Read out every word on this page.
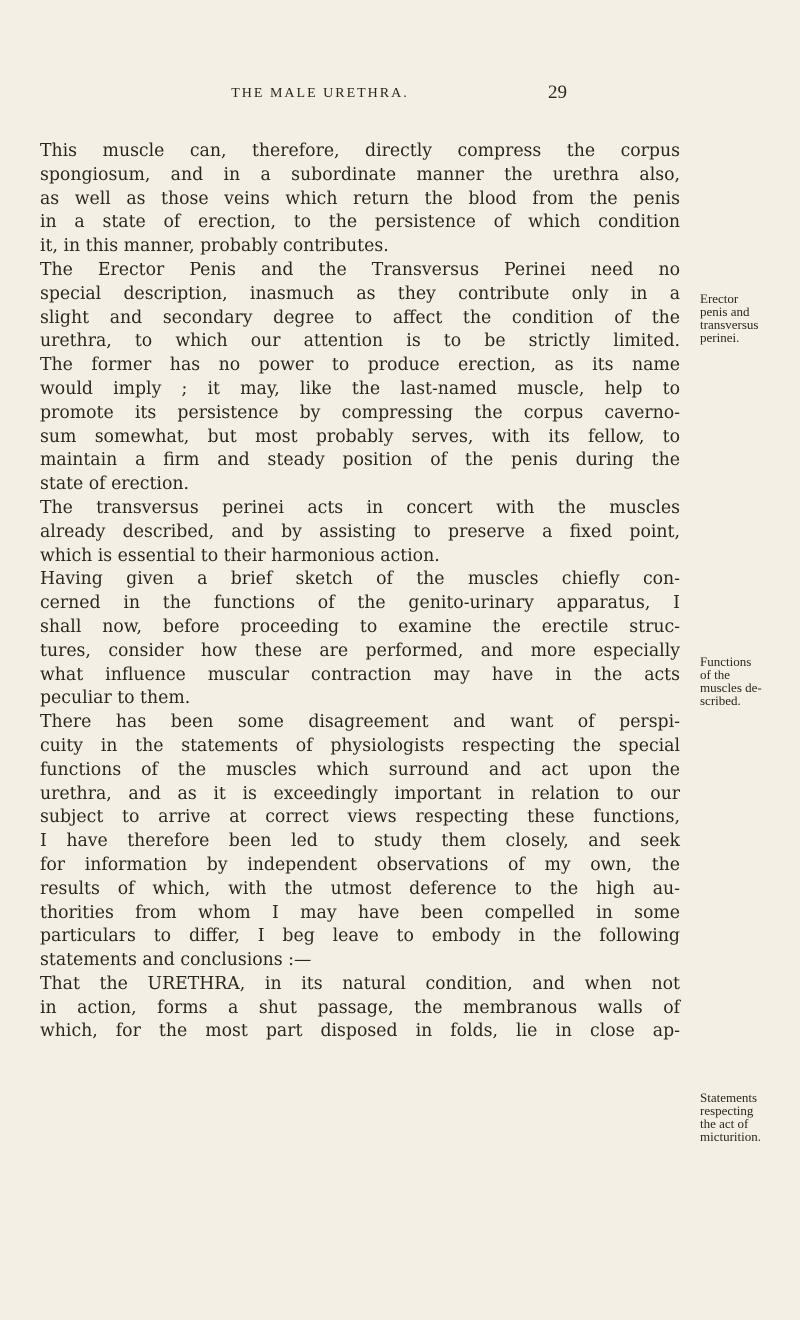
THE MALE URETHRA.	29
This muscle can, therefore, directly compress the corpus
spongiosum, and in a subordinate manner the urethra also,
as well as those veins which return the blood from the penis
in a state of erection, to the persistence of which condition
it, in this manner, probably contributes.
The Erector Penis and the Transversus Perinei need no
special description, inasmuch as they contribute only in a
slight and secondary degree to affect the condition of the
urethra, to which our attention is to be strictly limited.
The former has no power to produce erection, as its name
would imply ; it may, like the last-named muscle, help to
promote its persistence by compressing the corpus caverno-
sum somewhat, but most probably serves, with its fellow, to
maintain a firm and steady position of the penis during the
state of erection.
The transversus perinei acts in concert with the muscles
already described, and by assisting to preserve a fixed point,
which is essential to their harmonious action.
Having given a brief sketch of the muscles chiefly con-
cerned in the functions of the genito-urinary apparatus, I
shall now, before proceeding to examine the erectile struc-
tures, consider how these are performed, and more especially
what influence muscular contraction may have in the acts
peculiar to them.
There has been some disagreement and want of perspi-
cuity in the statements of physiologists respecting the special
functions of the muscles which surround and act upon the
urethra, and as it is exceedingly important in relation to our
subject to arrive at correct views respecting these functions,
I have therefore been led to study them closely, and seek
for information by independent observations of my own, the
results of which, with the utmost deference to the high au-
thorities from whom I may have been compelled in some
particulars to differ, I beg leave to embody in the following
statements and conclusions :—
That the URETHRA, in its natural condition, and when not
in action, forms a shut passage, the membranous walls of
which, for the most part disposed in folds, lie in close ap-
Erector
penis and
transversus
perinei.
Functions
of the
muscles de-
scribed.
Statements
respecting
the act of
micturition.
